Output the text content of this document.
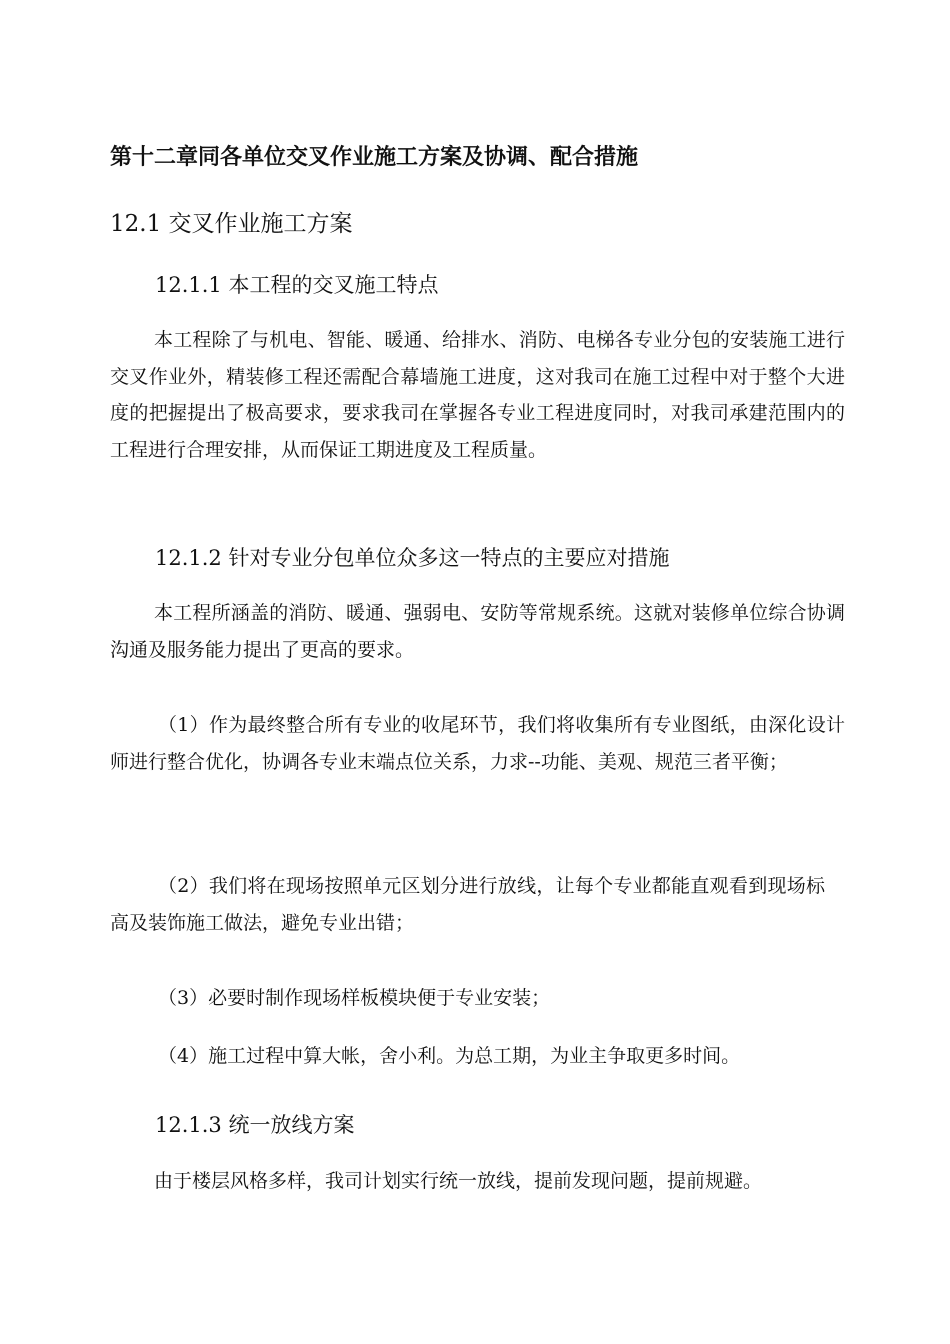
第十二章同各单位交叉作业施工方案及协调、配合措施
12.1 交叉作业施工方案
12.1.1 本工程的交叉施工特点

本工程除了与机电、智能、暖通、给排水、消防、电梯各专业分包的安装施工进行交叉作业外，精装修工程还需配合幕墙施工进度，这对我司在施工过程中对于整个大进度的把握提出了极高要求，要求我司在掌握各专业工程进度同时，对我司承建范围内的工程进行合理安排，从而保证工期进度及工程质量。

12.1.2 针对专业分包单位众多这一特点的主要应对措施

本工程所涵盖的消防、暖通、强弱电、安防等常规系统。这就对装修单位综合协调沟通及服务能力提出了更高的要求。

（1）作为最终整合所有专业的收尾环节，我们将收集所有专业图纸，由深化设计师进行整合优化，协调各专业末端点位关系，力求--功能、美观、规范三者平衡；

（2）我们将在现场按照单元区划分进行放线，让每个专业都能直观看到现场标高及装饰施工做法，避免专业出错；

（3）必要时制作现场样板模块便于专业安装；

（4）施工过程中算大帐，舍小利。为总工期，为业主争取更多时间。

12.1.3 统一放线方案

由于楼层风格多样，我司计划实行统一放线，提前发现问题，提前规避。
